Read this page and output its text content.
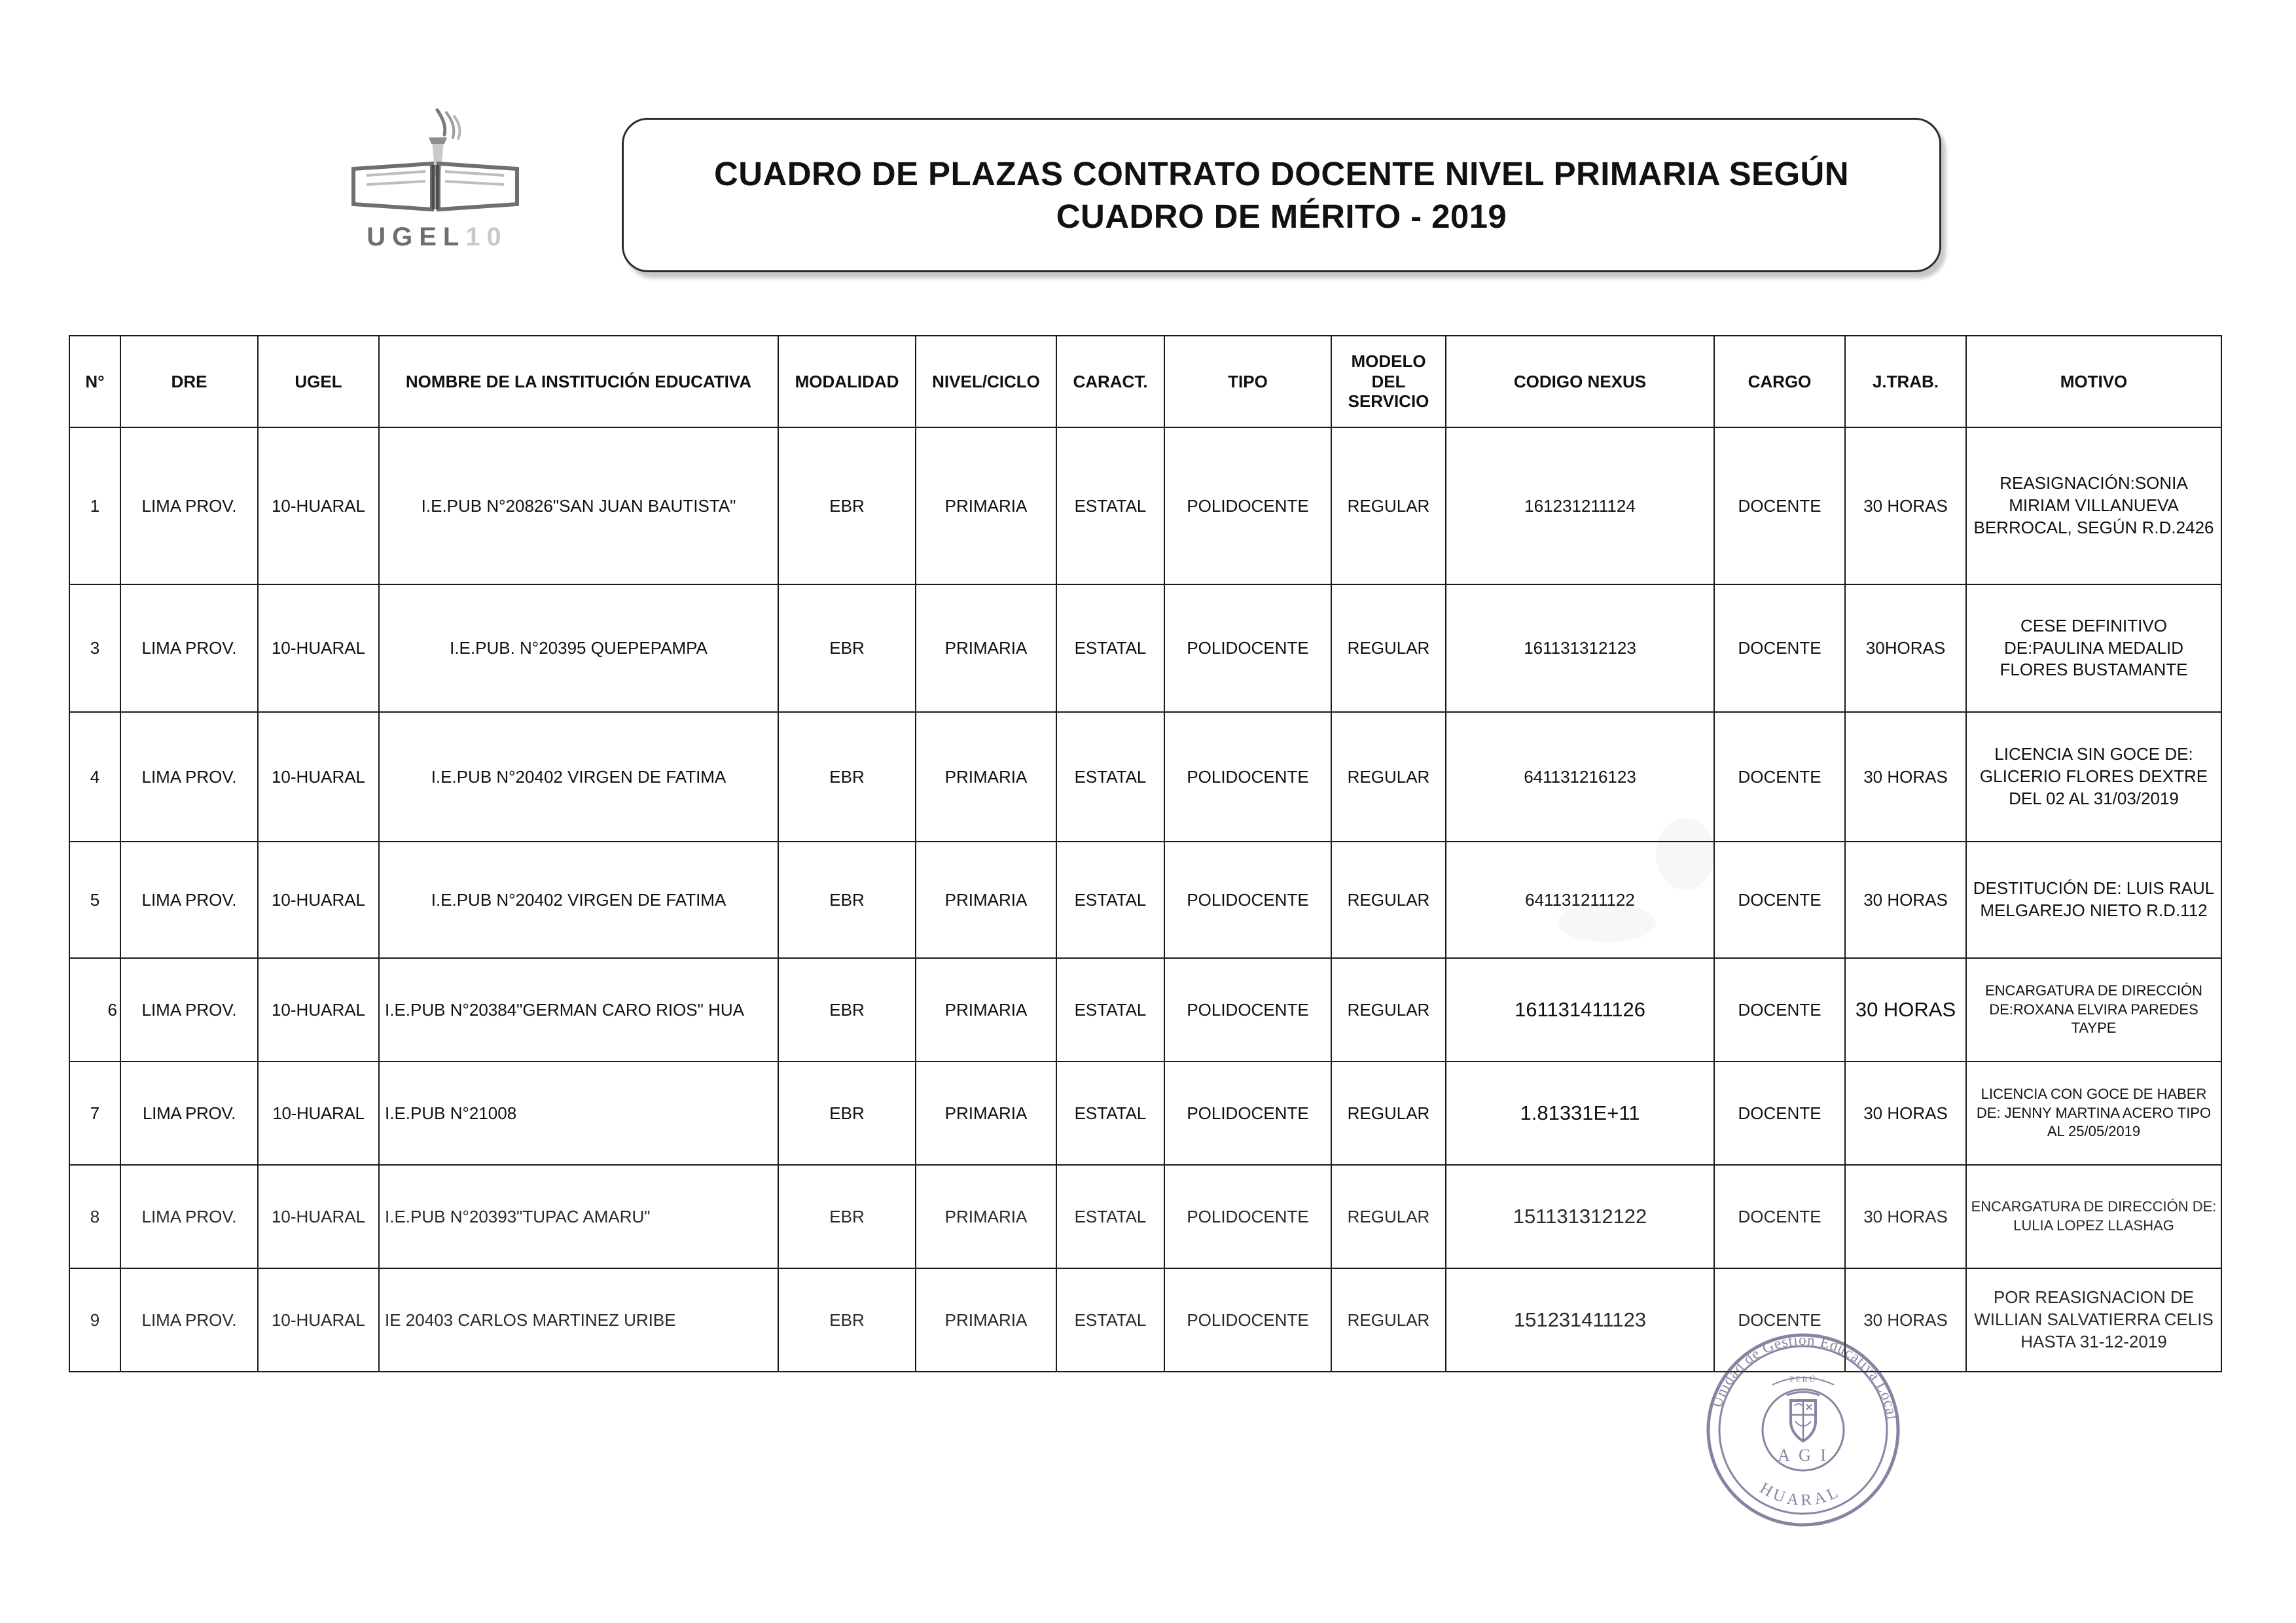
UGEL10
CUADRO DE PLAZAS CONTRATO DOCENTE NIVEL PRIMARIA SEGÚN
CUADRO DE MÉRITO - 2019
N°	DRE	UGEL	NOMBRE DE LA INSTITUCIÓN EDUCATIVA	MODALIDAD	NIVEL/CICLO	CARACT.	TIPO	MODELO
DEL
SERVICIO	CODIGO NEXUS	CARGO	J.TRAB.	MOTIVO
1	LIMA PROV.	10-HUARAL	I.E.PUB N°20826"SAN JUAN BAUTISTA"	EBR	PRIMARIA	ESTATAL	POLIDOCENTE	REGULAR	161231211124	DOCENTE	30 HORAS	REASIGNACIÓN:SONIA MIRIAM VILLANUEVA BERROCAL, SEGÚN R.D.2426
3	LIMA PROV.	10-HUARAL	I.E.PUB. N°20395 QUEPEPAMPA	EBR	PRIMARIA	ESTATAL	POLIDOCENTE	REGULAR	161131312123	DOCENTE	30HORAS	CESE DEFINITIVO DE:PAULINA MEDALID FLORES BUSTAMANTE
4	LIMA PROV.	10-HUARAL	I.E.PUB N°20402 VIRGEN DE FATIMA	EBR	PRIMARIA	ESTATAL	POLIDOCENTE	REGULAR	641131216123	DOCENTE	30 HORAS	LICENCIA SIN GOCE DE: GLICERIO FLORES DEXTRE DEL 02 AL 31/03/2019
5	LIMA PROV.	10-HUARAL	I.E.PUB N°20402 VIRGEN DE FATIMA	EBR	PRIMARIA	ESTATAL	POLIDOCENTE	REGULAR	641131211122	DOCENTE	30 HORAS	DESTITUCIÓN DE: LUIS RAUL MELGAREJO NIETO R.D.112
6	LIMA PROV.	10-HUARAL	I.E.PUB N°20384"GERMAN CARO RIOS" HUA	EBR	PRIMARIA	ESTATAL	POLIDOCENTE	REGULAR	161131411126	DOCENTE	30 HORAS	ENCARGATURA DE DIRECCIÓN DE:ROXANA ELVIRA PAREDES TAYPE
7	LIMA PROV.	10-HUARAL	I.E.PUB N°21008	EBR	PRIMARIA	ESTATAL	POLIDOCENTE	REGULAR	1.81331E+11	DOCENTE	30 HORAS	LICENCIA CON GOCE DE HABER DE: JENNY MARTINA ACERO TIPO AL 25/05/2019
8	LIMA PROV.	10-HUARAL	I.E.PUB N°20393"TUPAC AMARU"	EBR	PRIMARIA	ESTATAL	POLIDOCENTE	REGULAR	151131312122	DOCENTE	30 HORAS	ENCARGATURA DE DIRECCIÓN DE: LULIA LOPEZ LLASHAG
9	LIMA PROV.	10-HUARAL	IE 20403 CARLOS MARTINEZ URIBE	EBR	PRIMARIA	ESTATAL	POLIDOCENTE	REGULAR	151231411123	DOCENTE	30 HORAS	POR REASIGNACION DE WILLIAN SALVATIERRA CELIS HASTA 31-12-2019
Unidad de Gestión Educativa Local
HUARAL
A G I
PERÚ
